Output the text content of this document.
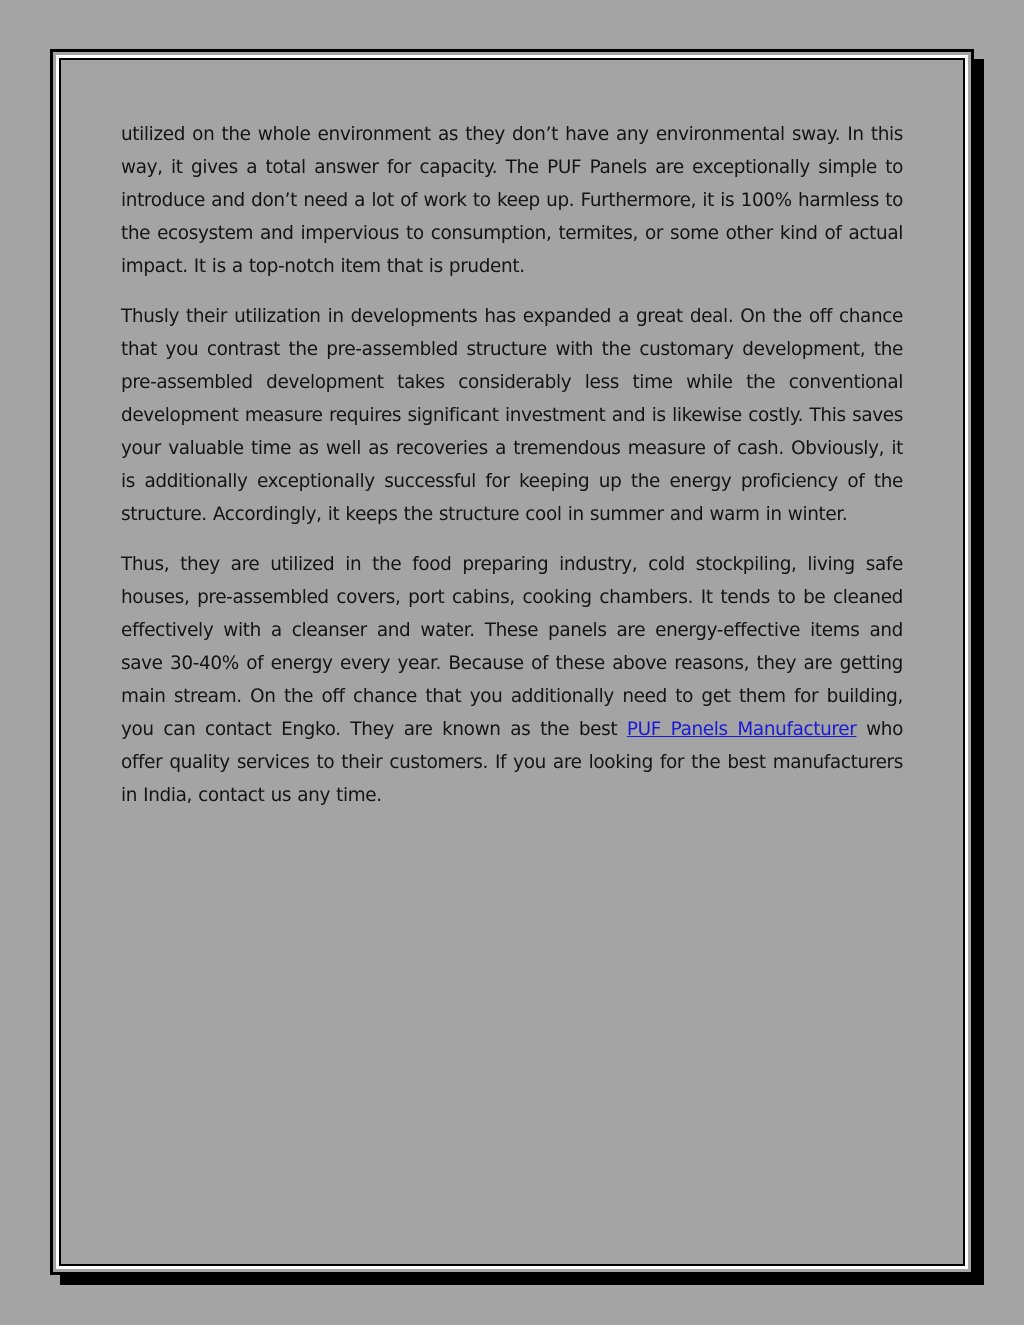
utilized on the whole environment as they don’t have any environmental sway. In this way, it gives a total answer for capacity. The PUF Panels are exceptionally simple to introduce and don’t need a lot of work to keep up. Furthermore, it is 100% harmless to the ecosystem and impervious to consumption, termites, or some other kind of actual impact. It is a top-notch item that is prudent.

Thusly their utilization in developments has expanded a great deal. On the off chance that you contrast the pre-assembled structure with the customary development, the pre-assembled development takes considerably less time while the conventional development measure requires significant investment and is likewise costly. This saves your valuable time as well as recoveries a tremendous measure of cash. Obviously, it is additionally exceptionally successful for keeping up the energy proficiency of the structure. Accordingly, it keeps the structure cool in summer and warm in winter.

Thus, they are utilized in the food preparing industry, cold stockpiling, living safe houses, pre-assembled covers, port cabins, cooking chambers. It tends to be cleaned effectively with a cleanser and water. These panels are energy-effective items and save 30-40% of energy every year. Because of these above reasons, they are getting main stream. On the off chance that you additionally need to get them for building, you can contact Engko. They are known as the best PUF Panels Manufacturer who offer quality services to their customers. If you are looking for the best manufacturers in India, contact us any time.
